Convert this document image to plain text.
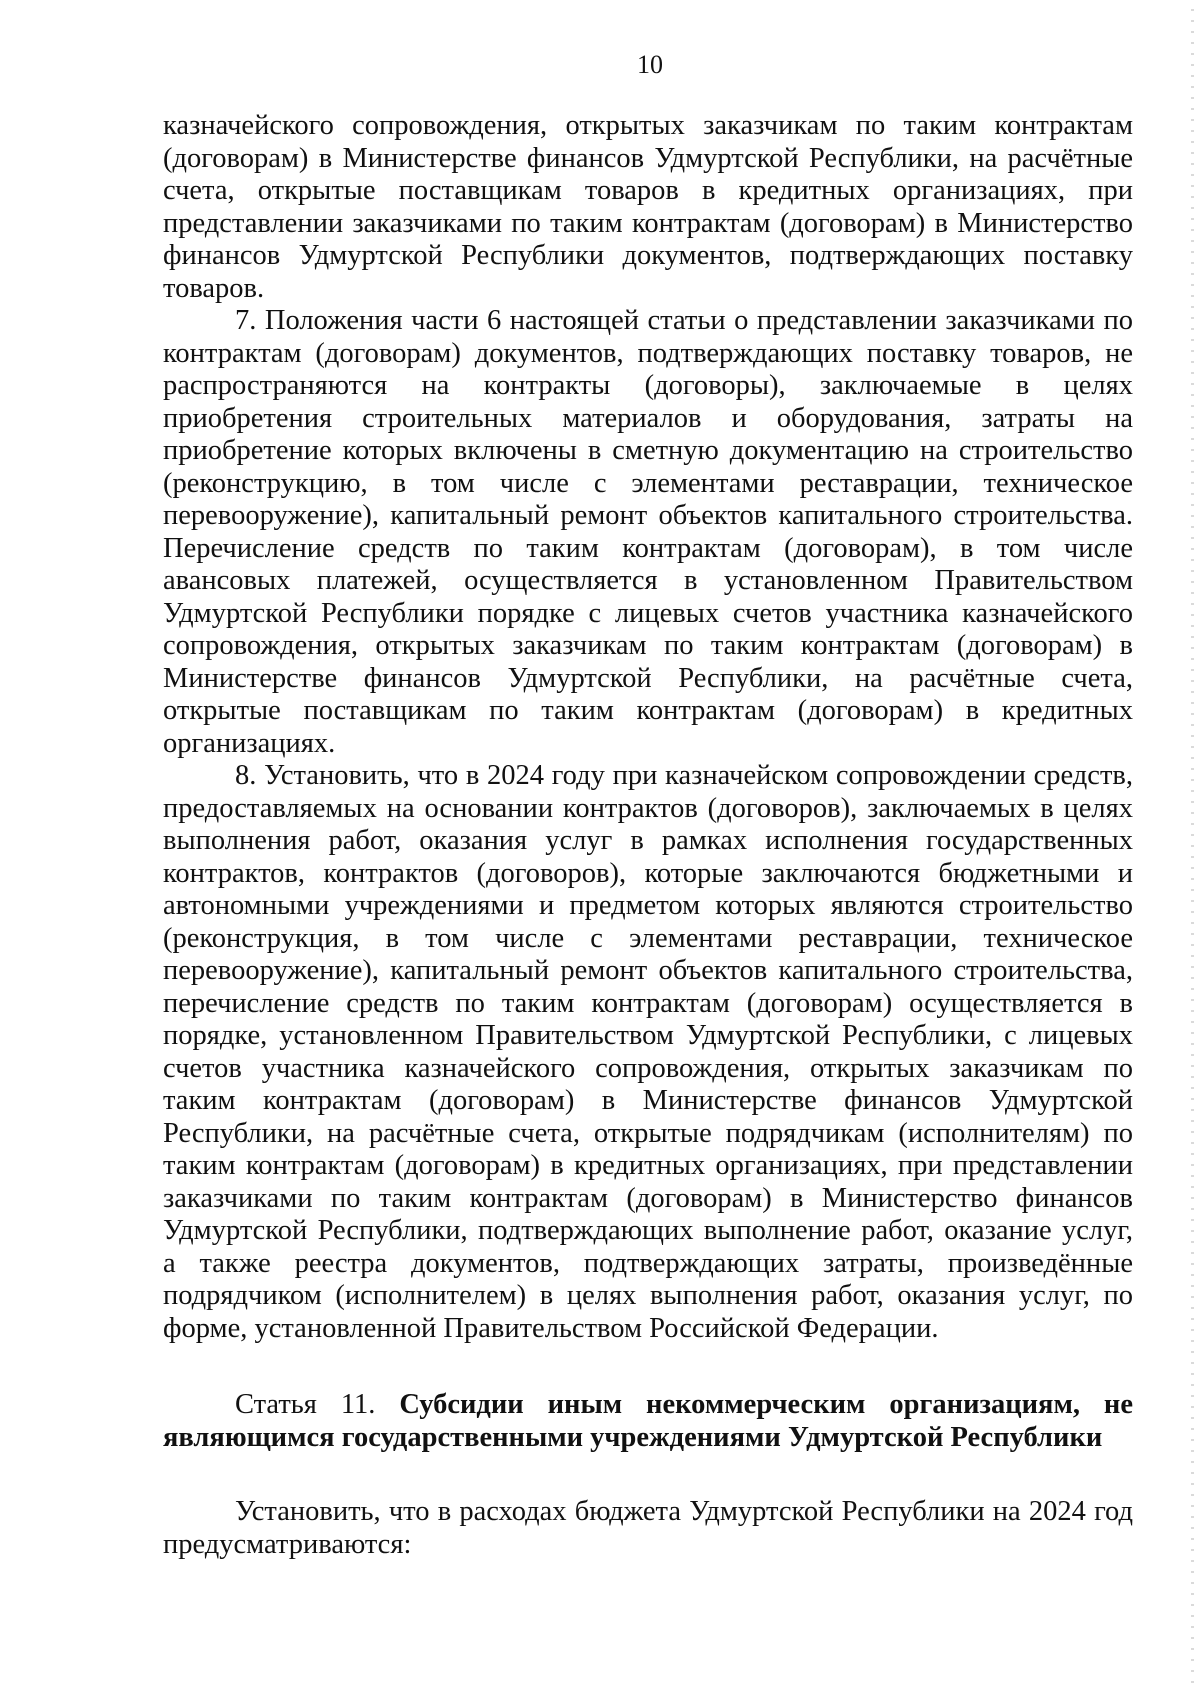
10

казначейского сопровождения, открытых заказчикам по таким контрактам (договорам) в Министерстве финансов Удмуртской Республики, на расчётные счета, открытые поставщикам товаров в кредитных организациях, при представлении заказчиками по таким контрактам (договорам) в Министерство финансов Удмуртской Республики документов, подтверждающих поставку товаров.

7. Положения части 6 настоящей статьи о представлении заказчиками по контрактам (договорам) документов, подтверждающих поставку товаров, не распространяются на контракты (договоры), заключаемые в целях приобретения строительных материалов и оборудования, затраты на приобретение которых включены в сметную документацию на строительство (реконструкцию, в том числе с элементами реставрации, техническое перевооружение), капитальный ремонт объектов капитального строительства. Перечисление средств по таким контрактам (договорам), в том числе авансовых платежей, осуществляется в установленном Правительством Удмуртской Республики порядке с лицевых счетов участника казначейского сопровождения, открытых заказчикам по таким контрактам (договорам) в Министерстве финансов Удмуртской Республики, на расчётные счета, открытые поставщикам по таким контрактам (договорам) в кредитных организациях.

8. Установить, что в 2024 году при казначейском сопровождении средств, предоставляемых на основании контрактов (договоров), заключаемых в целях выполнения работ, оказания услуг в рамках исполнения государственных контрактов, контрактов (договоров), которые заключаются бюджетными и автономными учреждениями и предметом которых являются строительство (реконструкция, в том числе с элементами реставрации, техническое перевооружение), капитальный ремонт объектов капитального строительства, перечисление средств по таким контрактам (договорам) осуществляется в порядке, установленном Правительством Удмуртской Республики, с лицевых счетов участника казначейского сопровождения, открытых заказчикам по таким контрактам (договорам) в Министерстве финансов Удмуртской Республики, на расчётные счета, открытые подрядчикам (исполнителям) по таким контрактам (договорам) в кредитных организациях, при представлении заказчиками по таким контрактам (договорам) в Министерство финансов Удмуртской Республики, подтверждающих выполнение работ, оказание услуг, а также реестра документов, подтверждающих затраты, произведённые подрядчиком (исполнителем) в целях выполнения работ, оказания услуг, по форме, установленной Правительством Российской Федерации.

Статья 11. Субсидии иным некоммерческим организациям, не являющимся государственными учреждениями Удмуртской Республики

Установить, что в расходах бюджета Удмуртской Республики на 2024 год предусматриваются:
